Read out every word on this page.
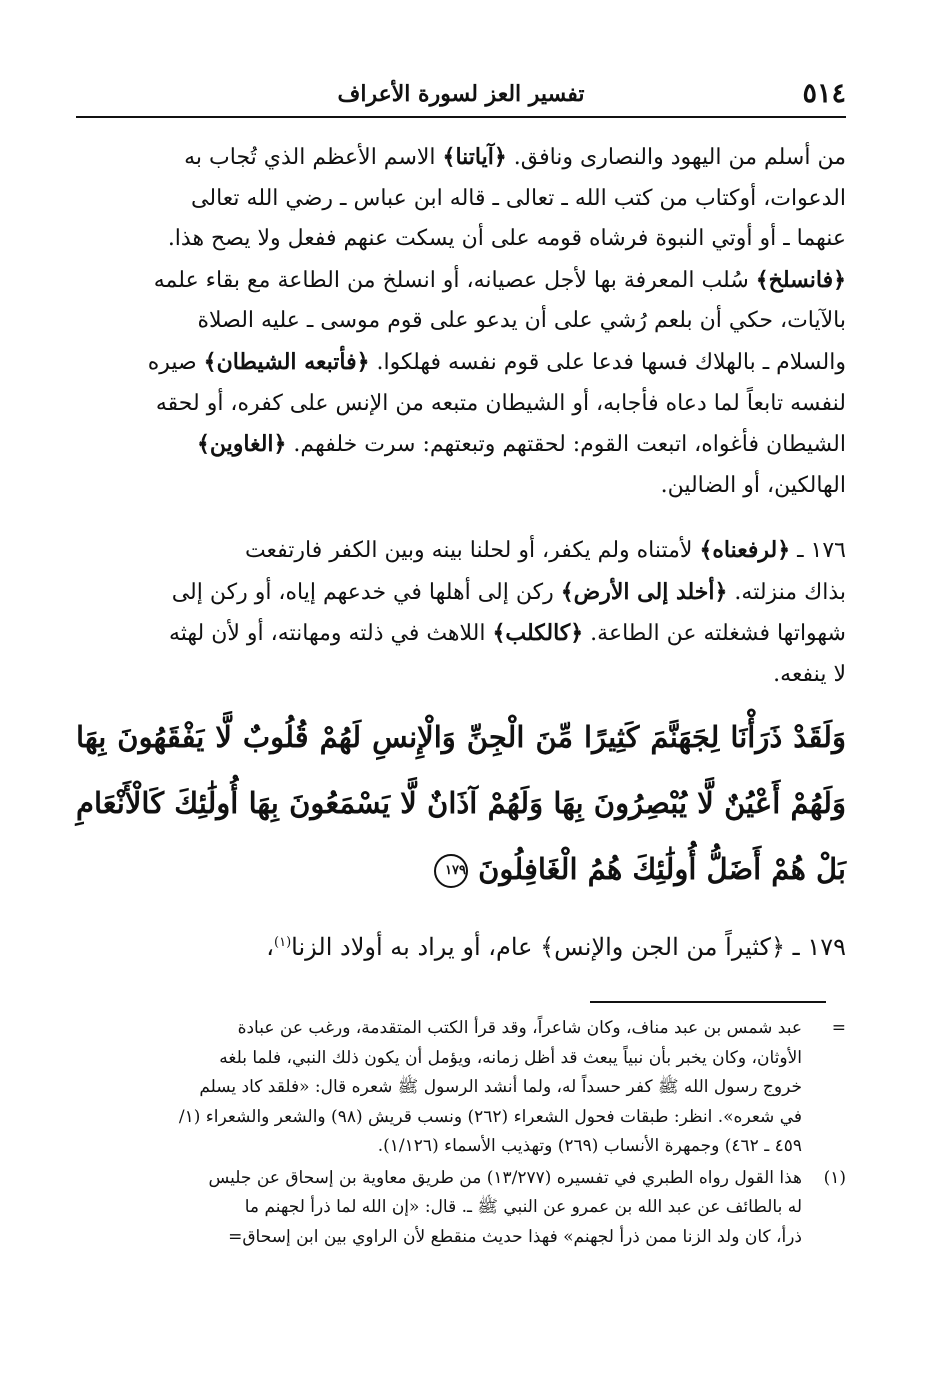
٥١٤
تفسير العز لسورة الأعراف

من أسلم من اليهود والنصارى ونافق. ﴿آياتنا﴾ الاسم الأعظم الذي تُجاب به

الدعوات، أوكتاب من كتب الله ـ تعالى ـ قاله ابن عباس ـ رضي الله تعالى

عنهما ـ أو أوتي النبوة فرشاه قومه على أن يسكت عنهم ففعل ولا يصح هذا.

﴿فانسلخ﴾ سُلب المعرفة بها لأجل عصيانه، أو انسلخ من الطاعة مع بقاء علمه

بالآيات، حكي أن بلعم رُشي على أن يدعو على قوم موسى ـ عليه الصلاة

والسلام ـ بالهلاك فسها فدعا على قوم نفسه فهلكوا. ﴿فأتبعه الشيطان﴾ صيره

لنفسه تابعاً لما دعاه فأجابه، أو الشيطان متبعه من الإنس على كفره، أو لحقه

الشيطان فأغواه، اتبعت القوم: لحقتهم وتبعتهم: سرت خلفهم. ﴿الغاوين﴾

الهالكين، أو الضالين.

١٧٦ ـ ﴿لرفعناه﴾ لأمتناه ولم يكفر، أو لحلنا بينه وبين الكفر فارتفعت

بذاك منزلته. ﴿أخلد إلى الأرض﴾ ركن إلى أهلها في خدعهم إياه، أو ركن إلى

شهواتها فشغلته عن الطاعة. ﴿كالكلب﴾ اللاهث في ذلته ومهانته، أو لأن لهثه

لا ينفعه.

وَلَقَدْ ذَرَأْنَا لِجَهَنَّمَ كَثِيرًا مِّنَ الْجِنِّ وَالْإِنسِ لَهُمْ قُلُوبٌ لَّا يَفْقَهُونَ بِهَا وَلَهُمْ أَعْيُنٌ لَّا يُبْصِرُونَ بِهَا وَلَهُمْ آذَانٌ لَّا يَسْمَعُونَ بِهَا أُولَٰئِكَ كَالْأَنْعَامِ بَلْ هُمْ أَضَلُّ أُولَٰئِكَ هُمُ الْغَافِلُونَ ١٧٩
١٧٩ ـ ﴿كثيراً من الجن والإنس﴾ عام، أو يراد به أولاد الزنا$^{(١)}$،
=
عبد شمس بن عبد مناف، وكان شاعراً، وقد قرأ الكتب المتقدمة، ورغب عن عبادة
الأوثان، وكان يخبر بأن نبياً يبعث قد أظل زمانه، ويؤمل أن يكون ذلك النبي، فلما بلغه
خروج رسول الله ﷺ كفر حسداً له، ولما أنشد الرسول ﷺ شعره قال: «فلقد كاد يسلم
في شعره». انظر: طبقات فحول الشعراء (٢٦٢) ونسب قريش (٩٨) والشعر والشعراء (١/
٤٥٩ ـ ٤٦٢) وجمهرة الأنساب (٢٦٩) وتهذيب الأسماء (١/١٢٦).
(١)
هذا القول رواه الطبري في تفسيره (١٣/٢٧٧) من طريق معاوية بن إسحاق عن جليس
له بالطائف عن عبد الله بن عمرو عن النبي ﷺ ـ. قال: «إن الله لما ذرأ لجهنم ما
ذرأ، كان ولد الزنا ممن ذرأ لجهنم» فهذا حديث منقطع لأن الراوي بين ابن إسحاق=
